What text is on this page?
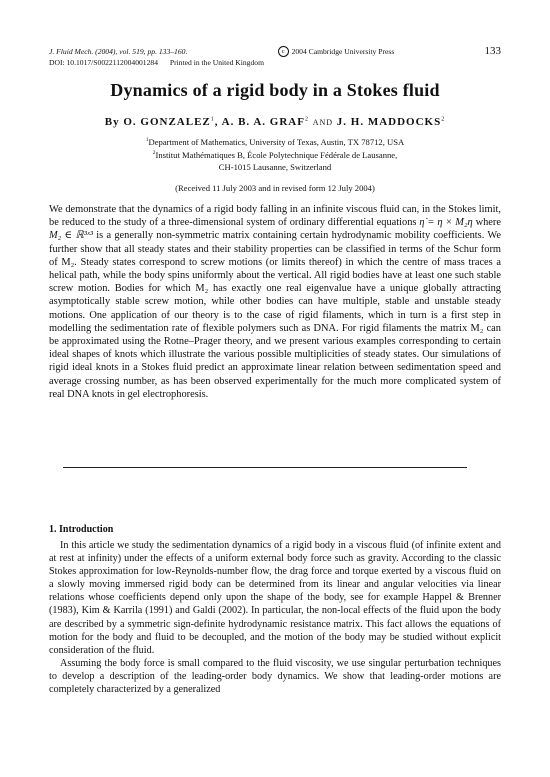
J. Fluid Mech. (2004), vol. 519, pp. 133–160.	c 2004 Cambridge University Press	133
DOI: 10.1017/S0022112004001284 Printed in the United Kingdom
Dynamics of a rigid body in a Stokes fluid
By O. GONZALEZ$^1$, A. B. A. GRAF$^2$ AND J. H. MADDOCKS$^2$
$^1$Department of Mathematics, University of Texas, Austin, TX 78712, USA
$^2$Institut Mathématiques B, École Polytechnique Fédérale de Lausanne,
CH-1015 Lausanne, Switzerland
(Received 11 July 2003 and in revised form 12 July 2004)
We demonstrate that the dynamics of a rigid body falling in an infinite viscous fluid can, in the Stokes limit, be reduced to the study of a three-dimensional system of ordinary differential equations η̇ = η × M₂η where M₂ ∈ ℝ³ˣ³ is a generally non-symmetric matrix containing certain hydrodynamic mobility coefficients. We further show that all steady states and their stability properties can be classified in terms of the Schur form of M₂. Steady states correspond to screw motions (or limits thereof) in which the centre of mass traces a helical path, while the body spins uniformly about the vertical. All rigid bodies have at least one such stable screw motion. Bodies for which M₂ has exactly one real eigenvalue have a unique globally attracting asymptotically stable screw motion, while other bodies can have multiple, stable and unstable steady motions. One application of our theory is to the case of rigid filaments, which in turn is a first step in modelling the sedimentation rate of flexible polymers such as DNA. For rigid filaments the matrix M₂ can be approximated using the Rotne–Prager theory, and we present various examples corresponding to certain ideal shapes of knots which illustrate the various possible multiplicities of steady states. Our simulations of rigid ideal knots in a Stokes fluid predict an approximate linear relation between sedimentation speed and average crossing number, as has been observed experimentally for the much more complicated system of real DNA knots in gel electrophoresis.
1. Introduction

In this article we study the sedimentation dynamics of a rigid body in a viscous fluid (of infinite extent and at rest at infinity) under the effects of a uniform external body force such as gravity. According to the classic Stokes approximation for low-Reynolds-number flow, the drag force and torque exerted by a viscous fluid on a slowly moving immersed rigid body can be determined from its linear and angular velocities via linear relations whose coefficients depend only upon the shape of the body, see for example Happel & Brenner (1983), Kim & Karrila (1991) and Galdi (2002). In particular, the non-local effects of the fluid upon the body are described by a symmetric sign-definite hydrodynamic resistance matrix. This fact allows the equations of motion for the body and fluid to be decoupled, and the motion of the body may be studied without explicit consideration of the fluid.

Assuming the body force is small compared to the fluid viscosity, we use singular perturbation techniques to develop a description of the leading-order body dynamics. We show that leading-order motions are completely characterized by a generalized
